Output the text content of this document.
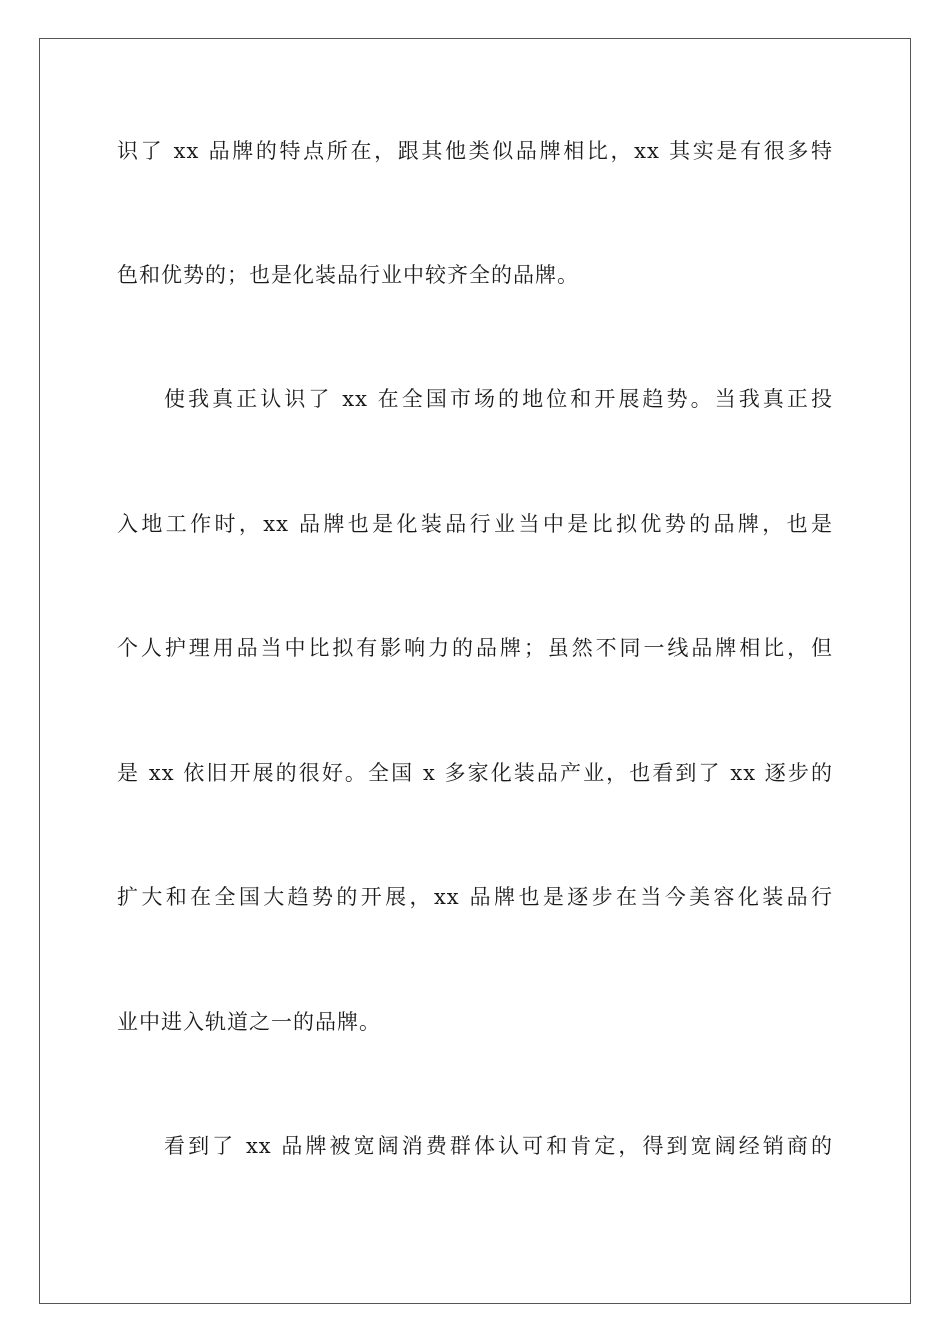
识了 xx 品牌的特点所在，跟其他类似品牌相比，xx 其实是有很多特
色和优势的；也是化装品行业中较齐全的品牌。
使我真正认识了 xx 在全国市场的地位和开展趋势。当我真正投
入地工作时，xx 品牌也是化装品行业当中是比拟优势的品牌，也是
个人护理用品当中比拟有影响力的品牌；虽然不同一线品牌相比，但
是 xx 依旧开展的很好。全国 x 多家化装品产业，也看到了 xx 逐步的
扩大和在全国大趋势的开展，xx 品牌也是逐步在当今美容化装品行
业中进入轨道之一的品牌。
看到了 xx 品牌被宽阔消费群体认可和肯定，得到宽阔经销商的
